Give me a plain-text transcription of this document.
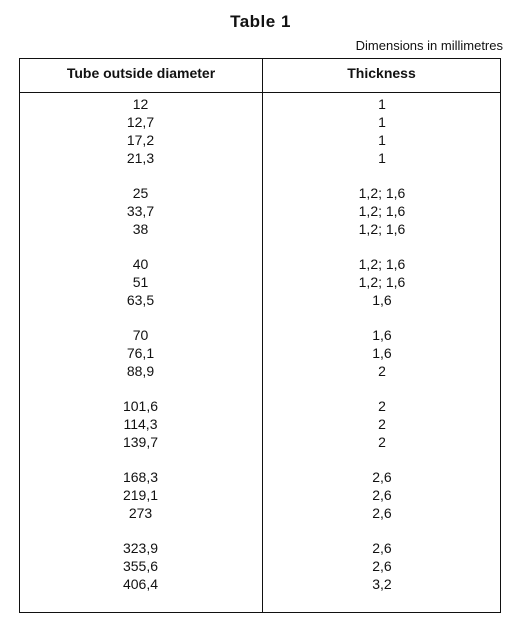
Table 1
Dimensions in millimetres
Tube outside diameter	Thickness
12	1
12,7	1
17,2	1
21,3	1
25	1,2; 1,6
33,7	1,2; 1,6
38	1,2; 1,6
40	1,2; 1,6
51	1,2; 1,6
63,5	1,6
70	1,6
76,1	1,6
88,9	2
101,6	2
114,3	2
139,7	2
168,3	2,6
219,1	2,6
273	2,6
323,9	2,6
355,6	2,6
406,4	3,2
